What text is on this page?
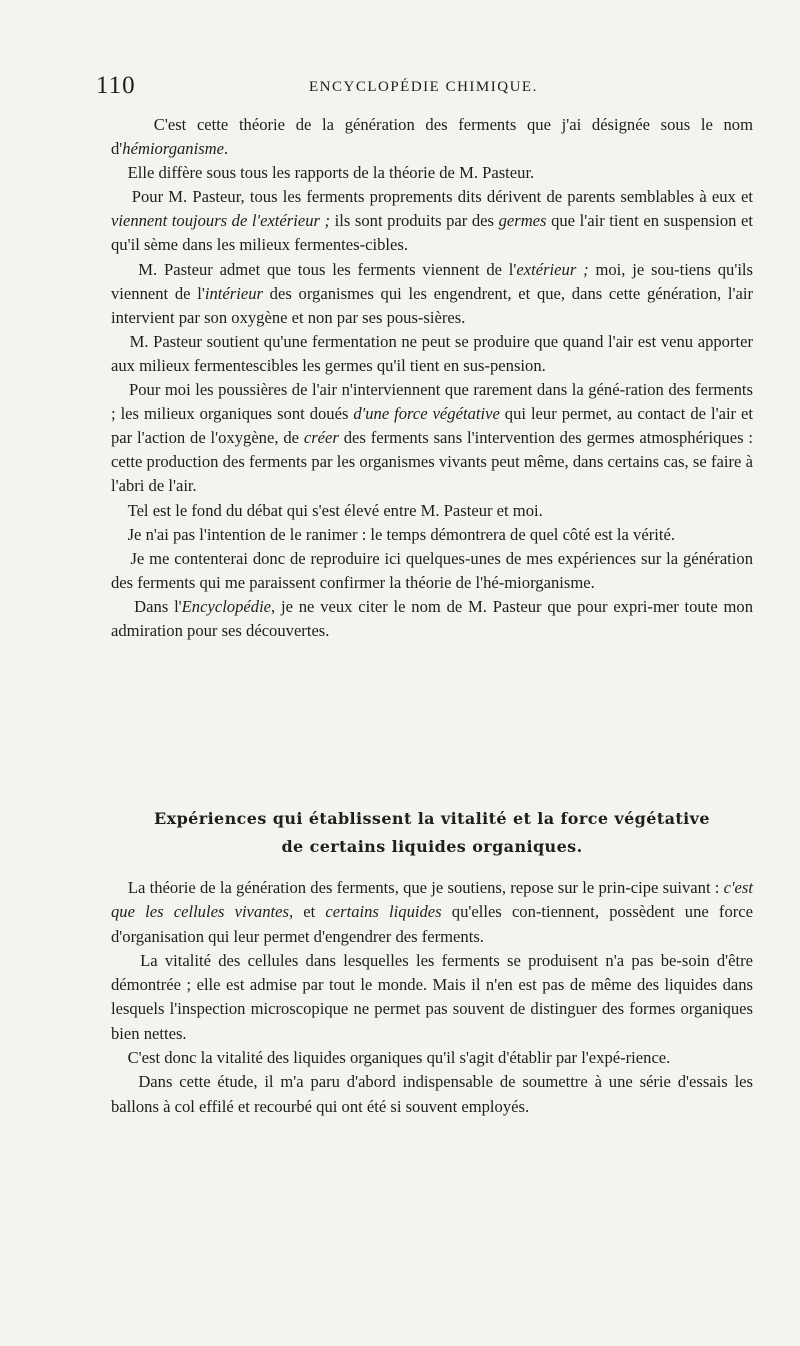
110	ENCYCLOPÉDIE CHIMIQUE.

C'est cette théorie de la génération des ferments que j'ai désignée sous le nom d'hémiorganisme.

Elle diffère sous tous les rapports de la théorie de M. Pasteur.

Pour M. Pasteur, tous les ferments proprements dits dérivent de parents semblables à eux et viennent toujours de l'extérieur ; ils sont produits par des germes que l'air tient en suspension et qu'il sème dans les milieux fermentes-cibles.

M. Pasteur admet que tous les ferments viennent de l'extérieur ; moi, je sou-tiens qu'ils viennent de l'intérieur des organismes qui les engendrent, et que, dans cette génération, l'air intervient par son oxygène et non par ses pous-sières.

M. Pasteur soutient qu'une fermentation ne peut se produire que quand l'air est venu apporter aux milieux fermentescibles les germes qu'il tient en sus-pension.

Pour moi les poussières de l'air n'interviennent que rarement dans la géné-ration des ferments ; les milieux organiques sont doués d'une force végétative qui leur permet, au contact de l'air et par l'action de l'oxygène, de créer des ferments sans l'intervention des germes atmosphériques : cette production des ferments par les organismes vivants peut même, dans certains cas, se faire à l'abri de l'air.

Tel est le fond du débat qui s'est élevé entre M. Pasteur et moi.

Je n'ai pas l'intention de le ranimer : le temps démontrera de quel côté est la vérité.

Je me contenterai donc de reproduire ici quelques-unes de mes expériences sur la génération des ferments qui me paraissent confirmer la théorie de l'hé-miorganisme.

Dans l'Encyclopédie, je ne veux citer le nom de M. Pasteur que pour expri-mer toute mon admiration pour ses découvertes.

Expériences qui établissent la vitalité et la force végétative
de certains liquides organiques.

La théorie de la génération des ferments, que je soutiens, repose sur le prin-cipe suivant : c'est que les cellules vivantes, et certains liquides qu'elles con-tiennent, possèdent une force d'organisation qui leur permet d'engendrer des ferments.

La vitalité des cellules dans lesquelles les ferments se produisent n'a pas be-soin d'être démontrée ; elle est admise par tout le monde. Mais il n'en est pas de même des liquides dans lesquels l'inspection microscopique ne permet pas souvent de distinguer des formes organiques bien nettes.

C'est donc la vitalité des liquides organiques qu'il s'agit d'établir par l'expé-rience.

Dans cette étude, il m'a paru d'abord indispensable de soumettre à une série d'essais les ballons à col effilé et recourbé qui ont été si souvent employés.
